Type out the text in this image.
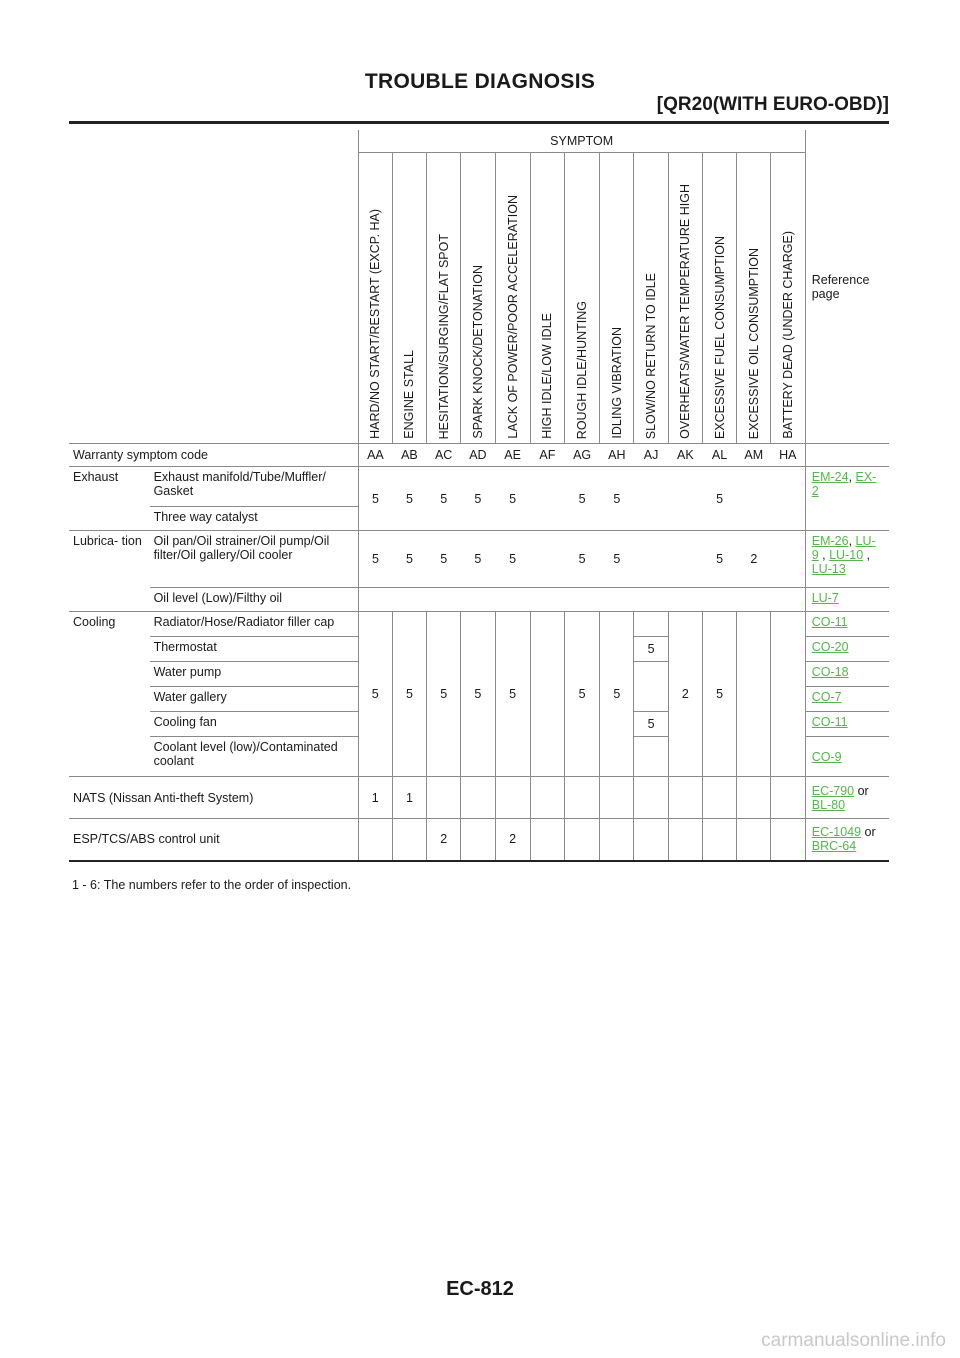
TROUBLE DIAGNOSIS
[QR20(WITH EURO-OBD)]
		SYMPTOM													Reference page

		HARD/NO START/RESTART (EXCP. HA)	ENGINE STALL	HESITATION/SURGING/FLAT SPOT	SPARK KNOCK/DETONATION	LACK OF POWER/POOR ACCELERATION	HIGH IDLE/LOW IDLE	ROUGH IDLE/HUNTING	IDLING VIBRATION	SLOW/NO RETURN TO IDLE	OVERHEATS/WATER TEMPERATURE HIGH	EXCESSIVE FUEL CONSUMPTION	EXCESSIVE OIL CONSUMPTION	BATTERY DEAD (UNDER CHARGE)	

Warranty symptom code		AA	AB	AC	AD	AE	AF	AG	AH	AJ	AK	AL	AM	HA	
Exhaust	Exhaust manifold/Tube/Muffler/ Gasket	5	5	5	5	5		5	5			5			EM-24, EX- 2
	Three way catalyst														
Lubrica- tion	Oil pan/Oil strainer/Oil pump/Oil filter/Oil gallery/Oil cooler	5	5	5	5	5		5	5			5	2		EM-26, LU- 9 , LU-10 , LU-13
	Oil level (Low)/Filthy oil														LU-7
Cooling	Radiator/Hose/Radiator filler cap	5	5	5	5	5		5	5		2	5			CO-11
	Thermostat									5					CO-20
	Water pump														CO-18
	Water gallery														CO-7
	Cooling fan									5					CO-11
	Coolant level (low)/Contaminated coolant														CO-9
NATS (Nissan Anti-theft System)		1	1												EC-790 or
BL-80
ESP/TCS/ABS control unit				2		2									EC-1049 or
BRC-64
1 - 6: The numbers refer to the order of inspection.
EC-812
carmanualsonline.info
